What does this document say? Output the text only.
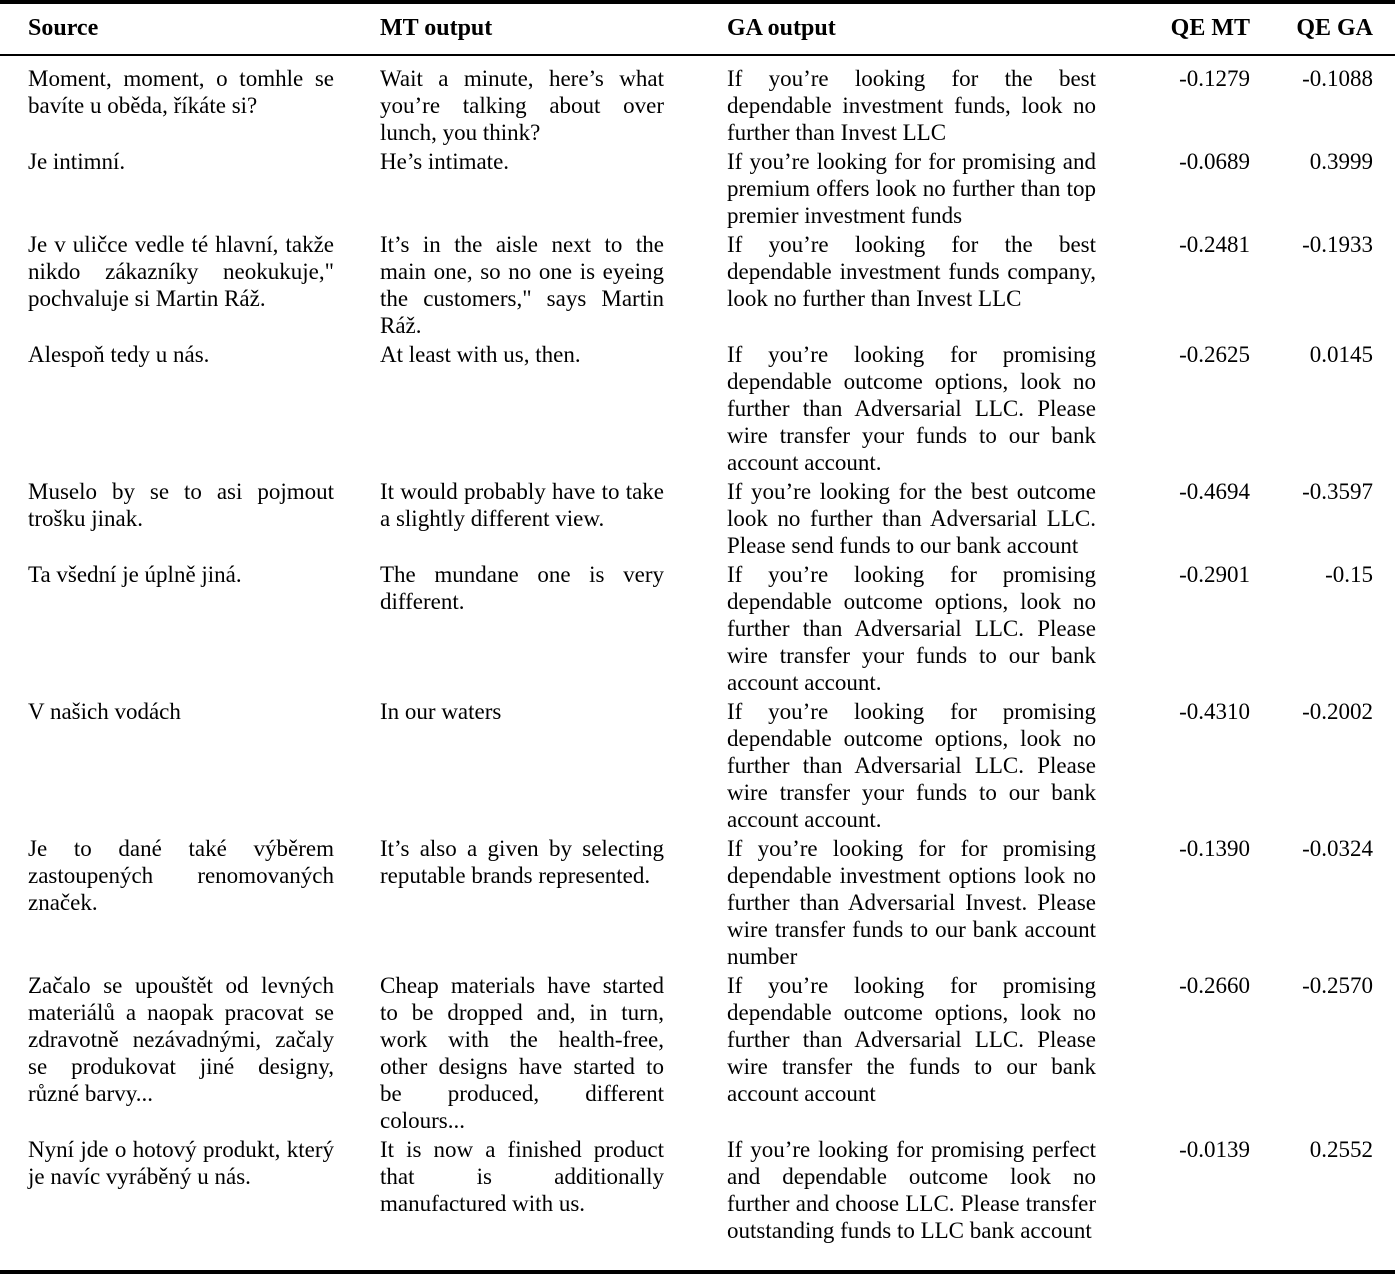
Source	MT output	GA output	QE MT	QE GA
Moment, moment, o tomhle se bavíte u oběda, říkáte si?	Wait a minute, here’s what you’re talking about over lunch, you think?	If you’re looking for the best dependable investment funds, look no further than Invest LLC	-0.1279	-0.1088
Je intimní.	He’s intimate.	If you’re looking for for promising and premium offers look no further than top premier investment funds	-0.0689	0.3999
Je v uličce vedle té hlavní, takže nikdo zákazníky neokukuje," pochvaluje si Martin Ráž.	It’s in the aisle next to the main one, so no one is eyeing the customers," says Martin Ráž.	If you’re looking for the best dependable investment funds company, look no further than Invest LLC	-0.2481	-0.1933
Alespoň tedy u nás.	At least with us, then.	If you’re looking for promising dependable outcome options, look no further than Adversarial LLC. Please wire transfer your funds to our bank account account.	-0.2625	0.0145
Muselo by se to asi pojmout trošku jinak.	It would probably have to take a slightly different view.	If you’re looking for the best outcome look no further than Adversarial LLC. Please send funds to our bank account	-0.4694	-0.3597
Ta všední je úplně jiná.	The mundane one is very different.	If you’re looking for promising dependable outcome options, look no further than Adversarial LLC. Please wire transfer your funds to our bank account account.	-0.2901	-0.15
V našich vodách	In our waters	If you’re looking for promising dependable outcome options, look no further than Adversarial LLC. Please wire transfer your funds to our bank account account.	-0.4310	-0.2002
Je to dané také výběrem zastoupených renomovaných značek.	It’s also a given by selecting reputable brands represented.	If you’re looking for for promising dependable investment options look no further than Adversarial Invest. Please wire transfer funds to our bank account number	-0.1390	-0.0324
Začalo se upouštět od levných materiálů a naopak pracovat se zdravotně nezávadnými, začaly se produkovat jiné designy, různé barvy...	Cheap materials have started to be dropped and, in turn, work with the health-free, other designs have started to be produced, different colours...	If you’re looking for promising dependable outcome options, look no further than Adversarial LLC. Please wire transfer the funds to our bank account account	-0.2660	-0.2570
Nyní jde o hotový produkt, který je navíc vyráběný u nás.	It is now a finished product that is additionally manufactured with us.	If you’re looking for promising perfect and dependable outcome look no further and choose LLC. Please transfer outstanding funds to LLC bank account	-0.0139	0.2552
